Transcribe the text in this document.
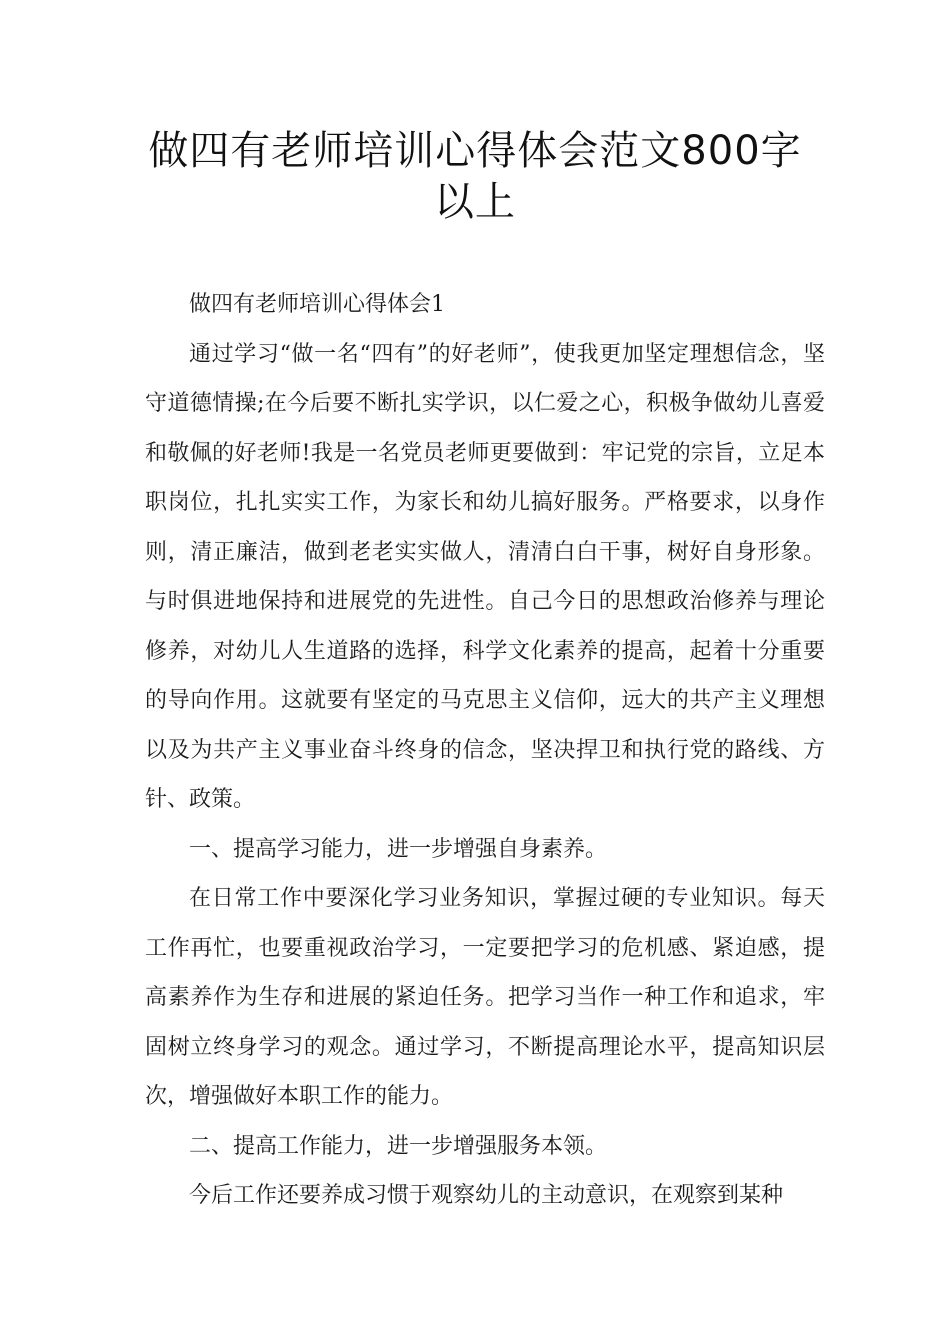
做四有老师培训心得体会范文800字以上

做四有老师培训心得体会1

通过学习“做一名“四有”的好老师”，使我更加坚定理想信念，坚守道德情操;在今后要不断扎实学识，以仁爱之心，积极争做幼儿喜爱和敬佩的好老师!我是一名党员老师更要做到：牢记党的宗旨，立足本职岗位，扎扎实实工作，为家长和幼儿搞好服务。严格要求，以身作则，清正廉洁，做到老老实实做人，清清白白干事，树好自身形象。与时俱进地保持和进展党的先进性。自己今日的思想政治修养与理论修养，对幼儿人生道路的选择，科学文化素养的提高，起着十分重要的导向作用。这就要有坚定的马克思主义信仰，远大的共产主义理想以及为共产主义事业奋斗终身的信念，坚决捍卫和执行党的路线、方针、政策。

一、提高学习能力，进一步增强自身素养。

在日常工作中要深化学习业务知识，掌握过硬的专业知识。每天工作再忙，也要重视政治学习，一定要把学习的危机感、紧迫感，提高素养作为生存和进展的紧迫任务。把学习当作一种工作和追求，牢固树立终身学习的观念。通过学习，不断提高理论水平，提高知识层次，增强做好本职工作的能力。

二、提高工作能力，进一步增强服务本领。

今后工作还要养成习惯于观察幼儿的主动意识，在观察到某种
